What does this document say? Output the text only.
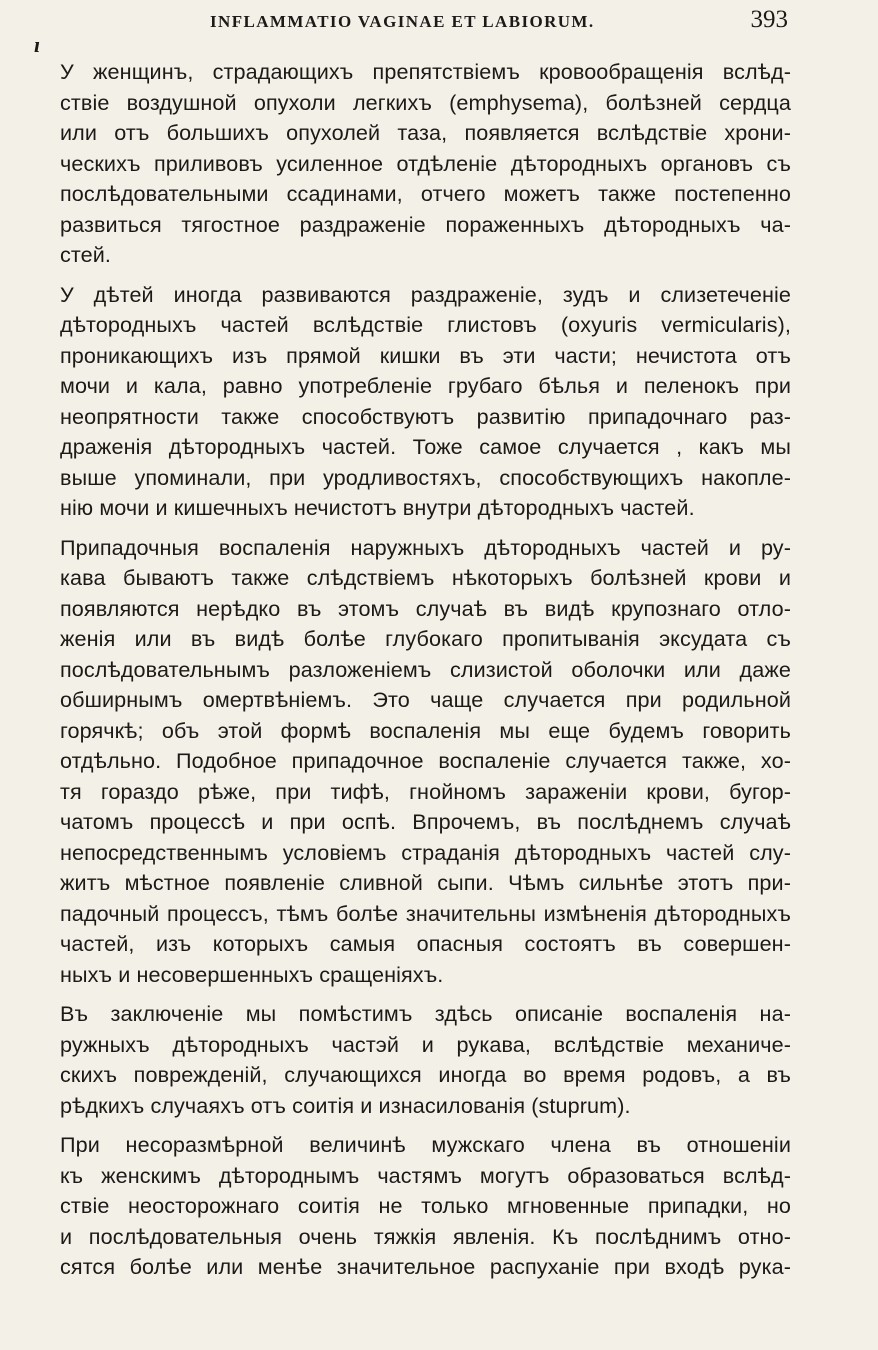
ı
INFLAMMATIO VAGINAE ET LABIORUM.	393

У женщинъ, страдающихъ препятствіемъ кровообращенія вслѣд-
ствіе воздушной опухоли легкихъ (emphysema), болѣзней сердца
или отъ большихъ опухолей таза, появляется вслѣдствіе хрони-
ческихъ приливовъ усиленное отдѣленіе дѣтородныхъ органовъ съ
послѣдовательными ссадинами, отчего можетъ также постепенно
развиться тягостное раздраженіе пораженныхъ дѣтородныхъ ча-
стей.

У дѣтей иногда развиваются раздраженіе, зудъ и слизетеченіе
дѣтородныхъ частей вслѣдствіе глистовъ (oxyuris vermicularis),
проникающихъ изъ прямой кишки въ эти части; нечистота отъ
мочи и кала, равно употребленіе грубаго бѣлья и пеленокъ при
неопрятности также способствуютъ развитію припадочнаго раз-
драженія дѣтородныхъ частей. Тоже самое случается , какъ мы
выше упоминали, при уродливостяхъ, способствующихъ накопле-
нію мочи и кишечныхъ нечистотъ внутри дѣтородныхъ частей.

Припадочныя воспаленія наружныхъ дѣтородныхъ частей и ру-
кава бываютъ также слѣдствіемъ нѣкоторыхъ болѣзней крови и
появляются нерѣдко въ этомъ случаѣ въ видѣ крупознаго отло-
женія или въ видѣ болѣе глубокаго пропитыванія эксудата съ
послѣдовательнымъ разложеніемъ слизистой оболочки или даже
обширнымъ омертвѣніемъ. Это чаще случается при родильной
горячкѣ; объ этой формѣ воспаленія мы еще будемъ говорить
отдѣльно. Подобное припадочное воспаленіе случается также, хо-
тя гораздо рѣже, при тифѣ, гнойномъ зараженіи крови, бугор-
чатомъ процессѣ и при оспѣ. Впрочемъ, въ послѣднемъ случаѣ
непосредственнымъ условіемъ страданія дѣтородныхъ частей слу-
житъ мѣстное появленіе сливной сыпи. Чѣмъ сильнѣе этотъ при-
падочный процессъ, тѣмъ болѣе значительны измѣненія дѣтородныхъ
частей, изъ которыхъ самыя опасныя состоятъ въ совершен-
ныхъ и несовершенныхъ сращеніяхъ.

Въ заключеніе мы помѣстимъ здѣсь описаніе воспаленія на-
ружныхъ дѣтородныхъ частэй и рукава, вслѣдствіе механиче-
скихъ поврежденій, случающихся иногда во время родовъ, а въ
рѣдкихъ случаяхъ отъ соитія и изнасилованія (stuprum).

При несоразмѣрной величинѣ мужскаго члена въ отношеніи
къ женскимъ дѣтороднымъ частямъ могутъ образоваться вслѣд-
ствіе неосторожнаго соитія не только мгновенные припадки, но
и послѣдовательныя очень тяжкія явленія. Къ послѣднимъ отно-
сятся болѣе или менѣе значительное распуханіе при входѣ рука-
